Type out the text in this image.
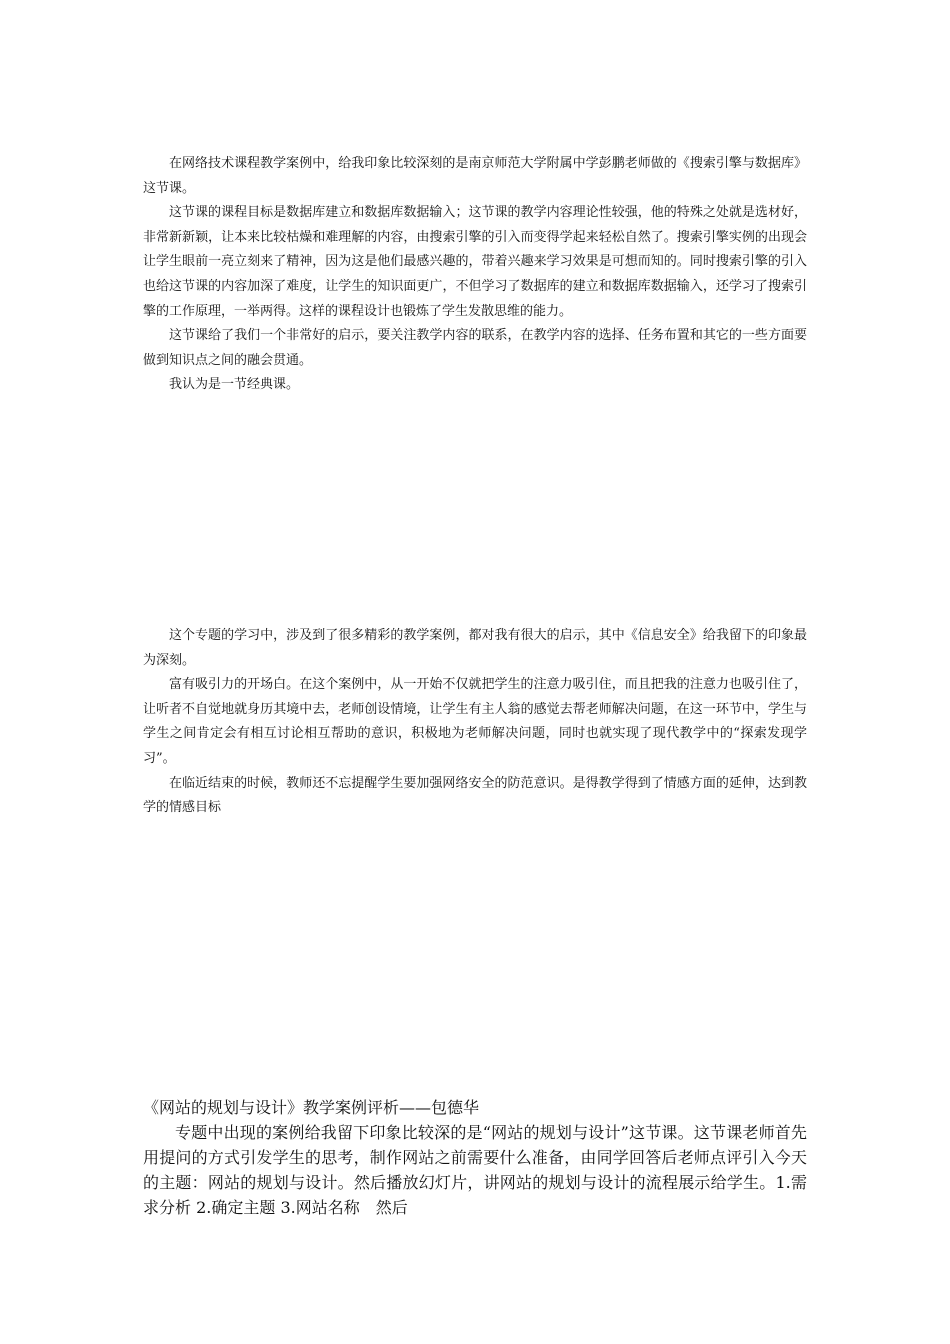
在网络技术课程教学案例中，给我印象比较深刻的是南京师范大学附属中学彭鹏老师做的《搜索引擎与数据库》这节课。

这节课的课程目标是数据库建立和数据库数据输入；这节课的教学内容理论性较强，他的特殊之处就是选材好，非常新新颖，让本来比较枯燥和难理解的内容，由搜索引擎的引入而变得学起来轻松自然了。搜索引擎实例的出现会让学生眼前一亮立刻来了精神，因为这是他们最感兴趣的，带着兴趣来学习效果是可想而知的。同时搜索引擎的引入也给这节课的内容加深了难度，让学生的知识面更广，不但学习了数据库的建立和数据库数据输入，还学习了搜索引擎的工作原理，一举两得。这样的课程设计也锻炼了学生发散思维的能力。

这节课给了我们一个非常好的启示，要关注教学内容的联系，在教学内容的选择、任务布置和其它的一些方面要做到知识点之间的融会贯通。

我认为是一节经典课。

这个专题的学习中，涉及到了很多精彩的教学案例，都对我有很大的启示，其中《信息安全》给我留下的印象最为深刻。

富有吸引力的开场白。在这个案例中，从一开始不仅就把学生的注意力吸引住，而且把我的注意力也吸引住了，让听者不自觉地就身历其境中去，老师创设情境，让学生有主人翁的感觉去帮老师解决问题，在这一环节中，学生与学生之间肯定会有相互讨论相互帮助的意识，积极地为老师解决问题，同时也就实现了现代教学中的“探索发现学习”。

在临近结束的时候，教师还不忘提醒学生要加强网络安全的防范意识。是得教学得到了情感方面的延伸，达到教学的情感目标

《网站的规划与设计》教学案例评析——包德华

专题中出现的案例给我留下印象比较深的是“网站的规划与设计”这节课。这节课老师首先用提问的方式引发学生的思考，制作网站之前需要什么准备，由同学回答后老师点评引入今天的主题：网站的规划与设计。然后播放幻灯片，讲网站的规划与设计的流程展示给学生。1.需求分析 2.确定主题 3.网站名称　然后
